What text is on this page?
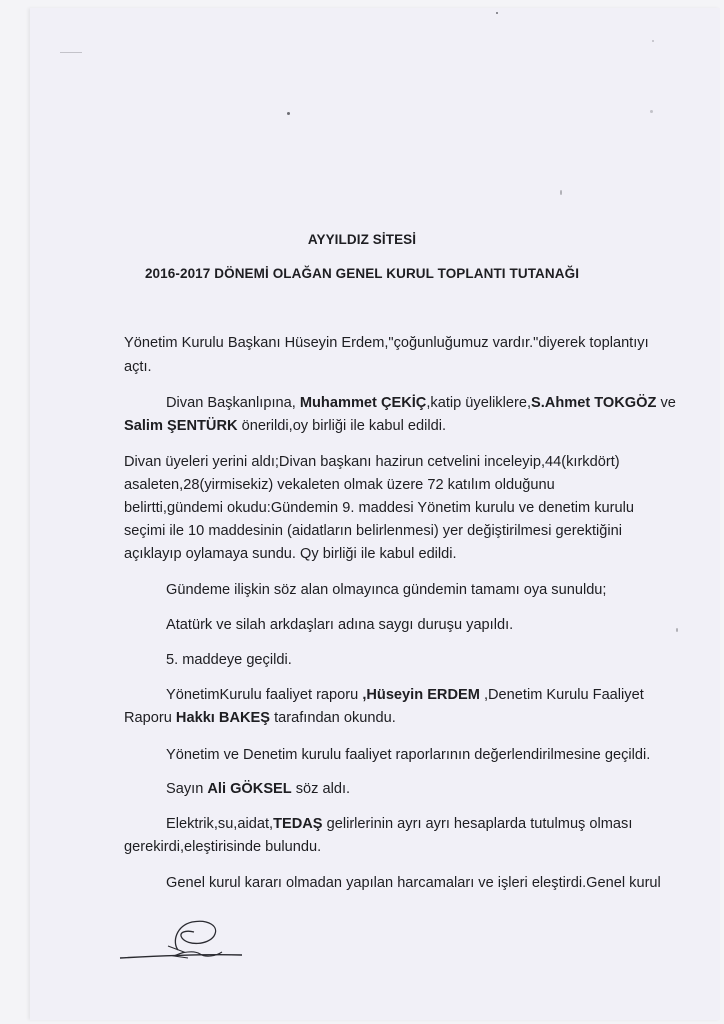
AYYILDIZ SİTESİ
2016-2017 DÖNEMİ OLAĞAN GENEL KURUL TOPLANTI TUTANAĞI
Yönetim Kurulu Başkanı Hüseyin Erdem,"çoğunluğumuz vardır."diyerek toplantıyı
açtı.
Divan Başkanlıpına, Muhammet ÇEKİÇ,katip üyeliklere,S.Ahmet TOKGÖZ ve
Salim ŞENTÜRK önerildi,oy birliği ile kabul edildi.
Divan üyeleri yerini aldı;Divan başkanı hazirun cetvelini inceleyip,44(kırkdört)
asaleten,28(yirmisekiz) vekaleten olmak üzere 72 katılım olduğunu
belirtti,gündemi okudu:Gündemin 9. maddesi Yönetim kurulu ve denetim kurulu
seçimi ile 10 maddesinin (aidatların belirlenmesi) yer değiştirilmesi gerektiğini
açıklayıp oylamaya sundu. Qy birliği ile kabul edildi.
Gündeme ilişkin söz alan olmayınca gündemin tamamı oya sunuldu;
Atatürk ve silah arkdaşları adına saygı duruşu yapıldı.
5. maddeye geçildi.
YönetimKurulu faaliyet raporu ,Hüseyin ERDEM ,Denetim Kurulu Faaliyet
Raporu Hakkı BAKEŞ tarafından okundu.
Yönetim ve Denetim kurulu faaliyet raporlarının değerlendirilmesine geçildi.
Sayın Ali GÖKSEL söz aldı.
Elektrik,su,aidat,TEDAŞ gelirlerinin ayrı ayrı hesaplarda tutulmuş olması
gerekirdi,eleştirisinde bulundu.
Genel kurul kararı olmadan yapılan harcamaları ve işleri eleştirdi.Genel kurul
